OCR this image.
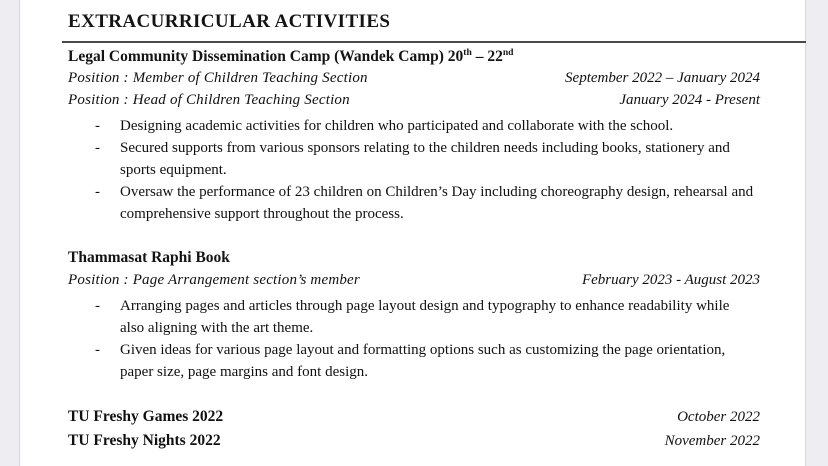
EXTRACURRICULAR ACTIVITIES
Legal Community Dissemination Camp (Wandek Camp) 20th – 22nd
Position : Member of Children Teaching Section	September 2022 – January 2024
Position : Head of Children Teaching Section	January 2024 - Present
-	Designing academic activities for children who participated and collaborate with the school.
-	Secured supports from various sponsors relating to the children needs including books, stationery and sports equipment.
-	Oversaw the performance of 23 children on Children’s Day including choreography design, rehearsal and comprehensive support throughout the process.
Thammasat Raphi Book
Position : Page Arrangement section’s member	February 2023 - August 2023
-	Arranging pages and articles through page layout design and typography to enhance readability while also aligning with the art theme.
-	Given ideas for various page layout and formatting options such as customizing the page orientation, paper size, page margins and font design.
TU Freshy Games 2022	October 2022
TU Freshy Nights 2022	November 2022
